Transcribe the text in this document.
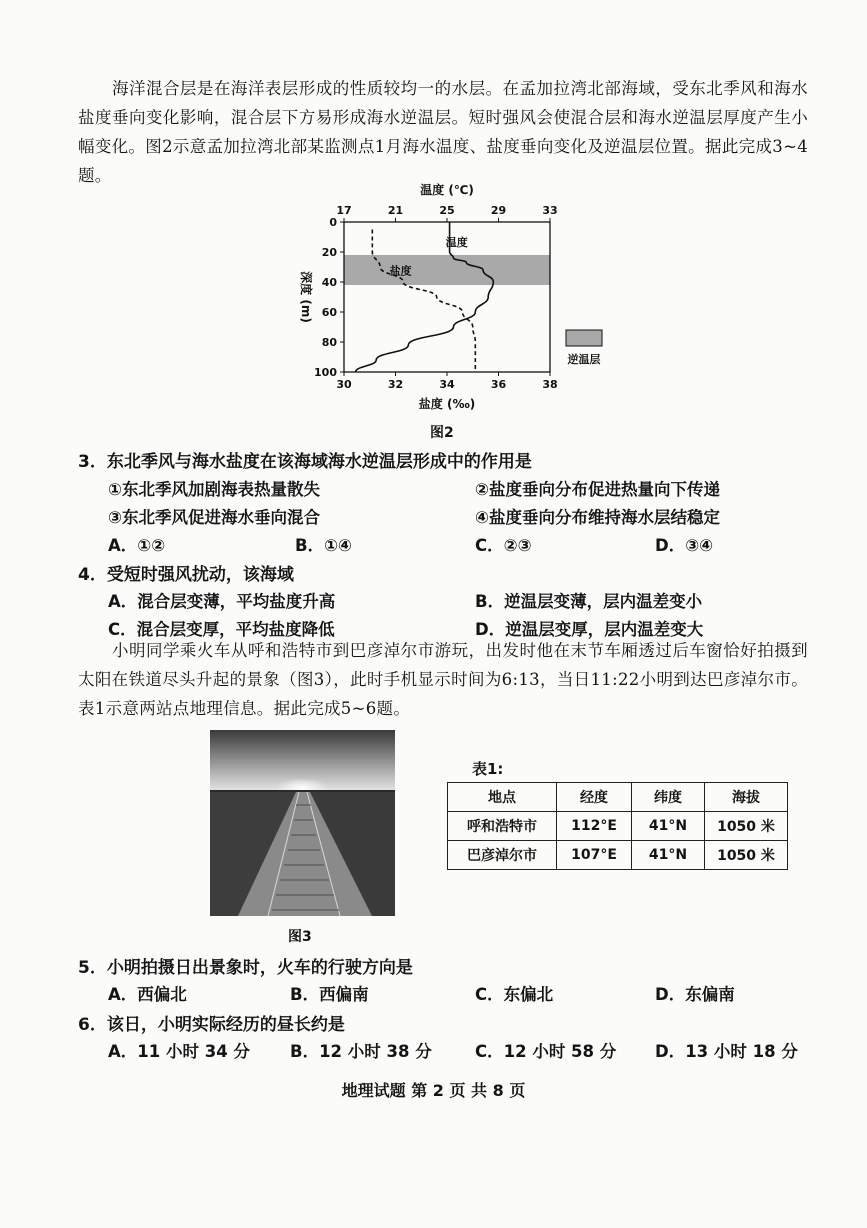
海洋混合层是在海洋表层形成的性质较均一的水层。在孟加拉湾北部海域，受东北季风和海水盐度垂向变化影响，混合层下方易形成海水逆温层。短时强风会使混合层和海水逆温层厚度产生小幅变化。图2示意孟加拉湾北部某监测点1月海水温度、盐度垂向变化及逆温层位置。据此完成3~4题。
17	21	25	29	33
温度 (℃)
30	32	34	36	38
盐度 (‰)
0
20
40
60
80
100
深度 (m)
温度
盐度
逆温层
图2
3．东北季风与海水盐度在该海域海水逆温层形成中的作用是
①东北季风加剧海表热量散失	②盐度垂向分布促进热量向下传递
③东北季风促进海水垂向混合	④盐度垂向分布维持海水层结稳定
A．①②	B．①④	C．②③	D．③④
4．受短时强风扰动，该海域
A．混合层变薄，平均盐度升高	B．逆温层变薄，层内温差变小
C．混合层变厚，平均盐度降低	D．逆温层变厚，层内温差变大
小明同学乘火车从呼和浩特市到巴彦淖尔市游玩，出发时他在末节车厢透过后车窗恰好拍摄到太阳在铁道尽头升起的景象（图3），此时手机显示时间为6:13，当日11:22小明到达巴彦淖尔市。表1示意两站点地理信息。据此完成5~6题。
图3
表1:
地点	经度	纬度	海拔
呼和浩特市	112°E	41°N	1050 米
巴彦淖尔市	107°E	41°N	1050 米
5．小明拍摄日出景象时，火车的行驶方向是
A．西偏北	B．西偏南	C．东偏北	D．东偏南
6．该日，小明实际经历的昼长约是
A．11 小时 34 分 B．12 小时 38 分	C．12 小时 58 分 D．13 小时 18 分
地理试题 第 2 页 共 8 页
